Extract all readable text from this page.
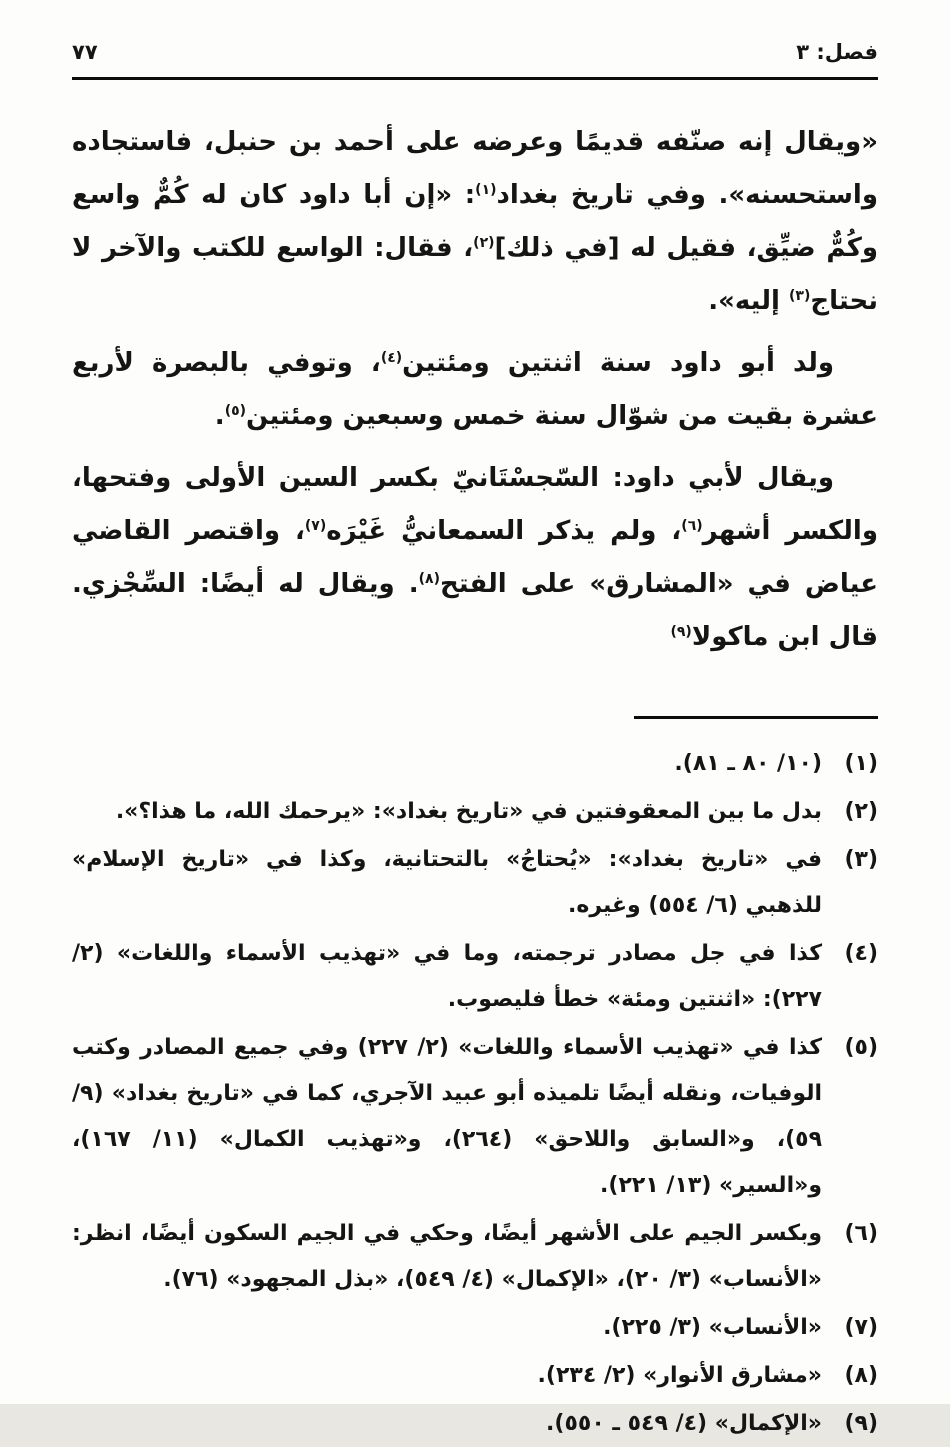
فصل: ٣
٧٧

«ويقال إنه صنّفه قديمًا وعرضه على أحمد بن حنبل، فاستجاده واستحسنه». وفي تاريخ بغداد$^{(١)}$: «إن أبا داود كان له كُمٌّ واسع وكُمٌّ ضيِّق، فقيل له [في ذلك]$^{(٢)}$، فقال: الواسع للكتب والآخر لا نحتاج$^{(٣)}$ إليه».

ولد أبو داود سنة اثنتين ومئتين$^{(٤)}$، وتوفي بالبصرة لأربع عشرة بقيت من شوّال سنة خمس وسبعين ومئتين$^{(٥)}$.

ويقال لأبي داود: السّجسْتَانيّ بكسر السين الأولى وفتحها، والكسر أشهر$^{(٦)}$، ولم يذكر السمعانيُّ غَيْرَه$^{(٧)}$، واقتصر القاضي عياض في «المشارق» على الفتح$^{(٨)}$. ويقال له أيضًا: السِّجْزي. قال ابن ماكولا$^{(٩)}$

(١)
(١٠/ ٨٠ ـ ٨١).
(٢)
بدل ما بين المعقوفتين في «تاريخ بغداد»: «يرحمك الله، ما هذا؟».
(٣)
في «تاريخ بغداد»: «يُحتاجُ» بالتحتانية، وكذا في «تاريخ الإسلام» للذهبي (٦/ ٥٥٤) وغيره.
(٤)
كذا في جل مصادر ترجمته، وما في «تهذيب الأسماء واللغات» (٢/ ٢٢٧): «اثنتين ومئة» خطأ فليصوب.
(٥)
كذا في «تهذيب الأسماء واللغات» (٢/ ٢٢٧) وفي جميع المصادر وكتب الوفيات، ونقله أيضًا تلميذه أبو عبيد الآجري، كما في «تاريخ بغداد» (٩/ ٥٩)، و«السابق واللاحق» (٢٦٤)، و«تهذيب الكمال» (١١/ ١٦٧)، و«السير» (١٣/ ٢٢١).
(٦)
وبكسر الجيم على الأشهر أيضًا، وحكي في الجيم السكون أيضًا، انظر: «الأنساب» (٣/ ٢٠)، «الإكمال» (٤/ ٥٤٩)، «بذل المجهود» (٧٦).
(٧)
«الأنساب» (٣/ ٢٢٥).
(٨)
«مشارق الأنوار» (٢/ ٢٣٤).
(٩)
«الإكمال» (٤/ ٥٤٩ ـ ٥٥٠).
